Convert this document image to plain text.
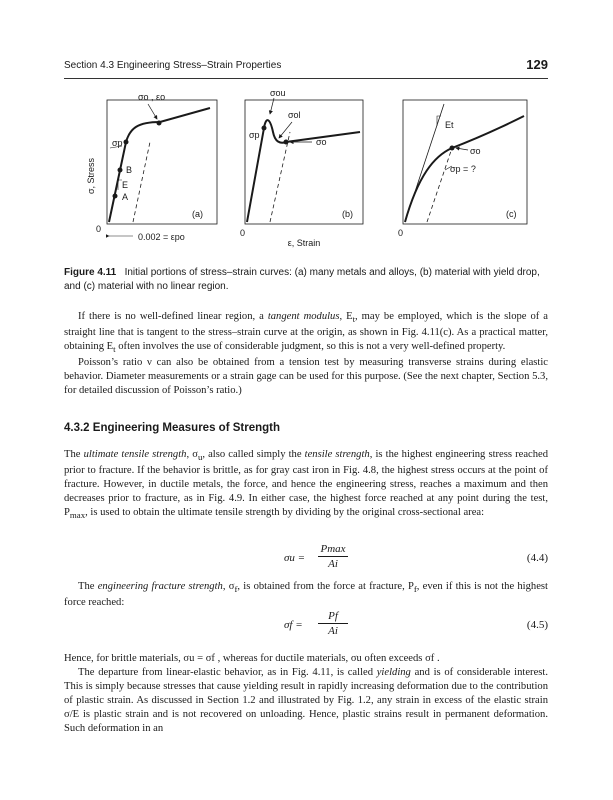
Section 4.3 Engineering Stress–Strain Properties	129
σ, Stress
σo , εo
σp
B
E
A
(a)
0
0.002 = εpo
σou
σol
σp
σo
(b)
0
ε, Strain
Et
σo
σp = ?
(c)
0
Figure 4.11 Initial portions of stress–strain curves: (a) many metals and alloys, (b) material with yield drop, and (c) material with no linear region.

If there is no well-defined linear region, a tangent modulus, $E_t$, may be employed, which is the slope of a straight line that is tangent to the stress–strain curve at the origin, as shown in Fig. 4.11(c). As a practical matter, obtaining $E_t$ often involves the use of considerable judgment, so this is not a very well-defined property.

Poisson’s ratio ν can also be obtained from a tension test by measuring transverse strains during elastic behavior. Diameter measurements or a strain gage can be used for this purpose. (See the next chapter, Section 5.3, for detailed discussion of Poisson’s ratio.)

4.3.2 Engineering Measures of Strength

The ultimate tensile strength, $\sigma_u$, also called simply the tensile strength, is the highest engineering stress reached prior to fracture. If the behavior is brittle, as for gray cast iron in Fig. 4.8, the highest stress occurs at the point of fracture. However, in ductile metals, the force, and hence the engineering stress, reaches a maximum and then decreases prior to fracture, as in Fig. 4.9. In either case, the highest force reached at any point during the test, $P_{max}$, is used to obtain the ultimate tensile strength by dividing by the original cross-sectional area:

σu =
Pmax
Ai	(4.4)

The engineering fracture strength, $\sigma_f$, is obtained from the force at fracture, $P_f$, even if this is not the highest force reached:

$\sigma f = \frac{Pf}{Ai}$	(4.5)

Hence, for brittle materials, σu = σf , whereas for ductile materials, σu often exceeds σf .

The departure from linear-elastic behavior, as in Fig. 4.11, is called yielding and is of considerable interest. This is simply because stresses that cause yielding result in rapidly increasing deformation due to the contribution of plastic strain. As discussed in Section 1.2 and illustrated by Fig. 1.2, any strain in excess of the elastic strain σ/E is plastic strain and is not recovered on unloading. Hence, plastic strains result in permanent deformation. Such deformation in an
